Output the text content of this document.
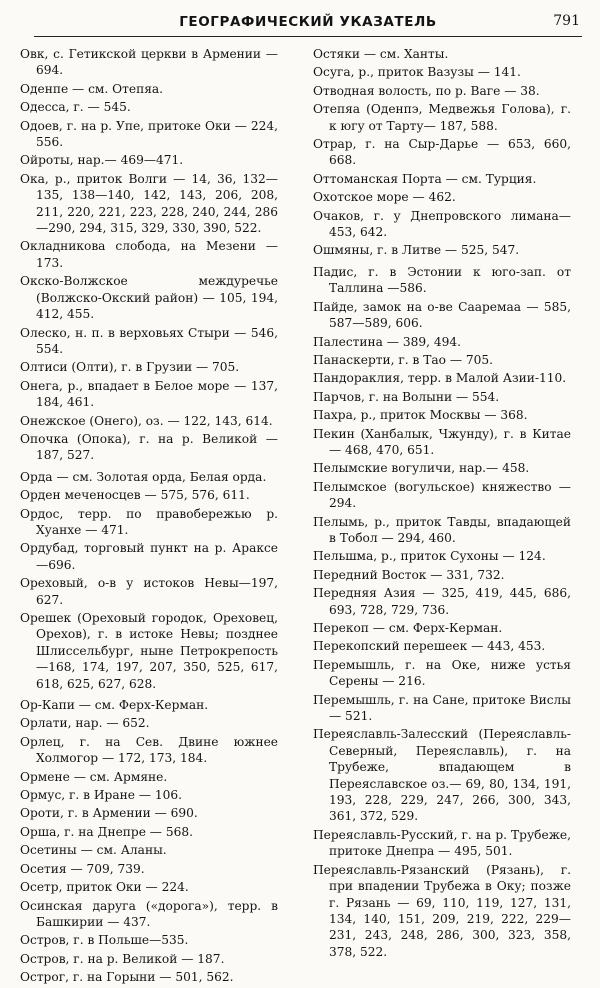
ГЕОГРАФИЧЕСКИЙ УКАЗАТЕЛЬ	791
Овк, с. Гетикской церкви в Армении — 694.
Оденпе — см. Отепяа.
Одесса, г. — 545.
Одоев, г. на р. Упе, притоке Оки — 224, 556.
Ойроты, нар.— 469—471.
Ока, р., приток Волги — 14, 36, 132—135, 138—140, 142, 143, 206, 208, 211, 220, 221, 223, 228, 240, 244, 286—290, 294, 315, 329, 330, 390, 522.
Окладникова слобода, на Мезени — 173.
Окско-Волжское междуречье (Волжско-Окский район) — 105, 194, 412, 455.
Олеско, н. п. в верховьях Стыри — 546, 554.
Олтиси (Олти), г. в Грузии — 705.
Онега, р., впадает в Белое море — 137, 184, 461.
Онежское (Онего), оз. — 122, 143, 614.
Опочка (Опока), г. на р. Великой — 187, 527.
Орда — см. Золотая орда, Белая орда.
Орден меченосцев — 575, 576, 611.
Ордос, терр. по правобережью р. Хуанхе — 471.
Ордубад, торговый пункт на р. Араксе—696.
Ореховый, о-в у истоков Невы—197, 627.
Орешек (Ореховый городок, Ореховец, Орехов), г. в истоке Невы; позднее Шлиссельбург, ныне Петрокрепость—168, 174, 197, 207, 350, 525, 617, 618, 625, 627, 628.
Ор-Капи — см. Ферх-Керман.
Орлати, нар. — 652.
Орлец, г. на Сев. Двине южнее Холмогор — 172, 173, 184.
Ормене — см. Армяне.
Ормус, г. в Иране — 106.
Ороти, г. в Армении — 690.
Орша, г. на Днепре — 568.
Осетины — см. Аланы.
Осетия — 709, 739.
Осетр, приток Оки — 224.
Осинская даруга («дорога»), терр. в Башкирии — 437.
Остров, г. в Польше—535.
Остров, г. на р. Великой — 187.
Острог, г. на Горыни — 501, 562.
Остяки — см. Ханты.
Осуга, р., приток Вазузы — 141.
Отводная волость, по р. Ваге — 38.
Отепяа (Оденпэ, Медвежья Голова), г. к югу от Тарту— 187, 588.
Отрар, г. на Сыр-Дарье — 653, 660, 668.
Оттоманская Порта — см. Турция.
Охотское море — 462.
Очаков, г. у Днепровского лимана—453, 642.
Ошмяны, г. в Литве — 525, 547.
Падис, г. в Эстонии к юго-зап. от Таллина —586.
Пайде, замок на о-ве Сааремаа — 585, 587—589, 606.
Палестина — 389, 494.
Панаскерти, г. в Тао — 705.
Пандораклия, терр. в Малой Азии-110.
Парчов, г. на Волыни — 554.
Пахра, р., приток Москвы — 368.
Пекин (Ханбалык, Чжунду), г. в Китае — 468, 470, 651.
Пелымские вогуличи, нар.— 458.
Пелымское (вогульское) княжество — 294.
Пелымь, р., приток Тавды, впадающей в Тобол — 294, 460.
Пельшма, р., приток Сухоны — 124.
Передний Восток — 331, 732.
Передняя Азия — 325, 419, 445, 686, 693, 728, 729, 736.
Перекоп — см. Ферх-Керман.
Перекопский перешеек — 443, 453.
Перемышль, г. на Оке, ниже устья Серены — 216.
Перемышль, г. на Сане, притоке Вислы — 521.
Переяславль-Залесский (Переяславль-Северный, Переяславль), г. на Трубеже, впадающем в Переяславское оз.— 69, 80, 134, 191, 193, 228, 229, 247, 266, 300, 343, 361, 372, 529.
Переяславль-Русский, г. на р. Трубеже, притоке Днепра — 495, 501.
Переяславль-Рязанский (Рязань), г. при впадении Трубежа в Оку; позже г. Рязань — 69, 110, 119, 127, 131, 134, 140, 151, 209, 219, 222, 229—231, 243, 248, 286, 300, 323, 358, 378, 522.
